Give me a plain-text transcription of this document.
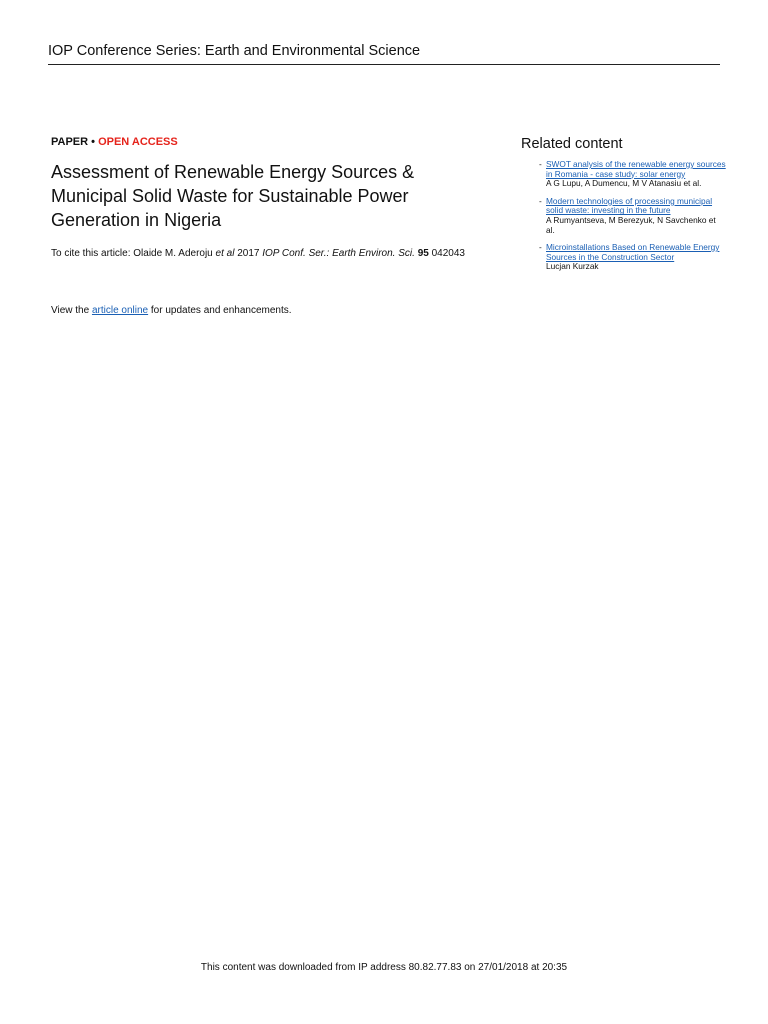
IOP Conference Series: Earth and Environmental Science
PAPER • OPEN ACCESS
Assessment of Renewable Energy Sources &
Municipal Solid Waste for Sustainable Power
Generation in Nigeria
To cite this article: Olaide M. Aderoju et al 2017 IOP Conf. Ser.: Earth Environ. Sci. 95 042043
View the article online for updates and enhancements.
Related content
- SWOT analysis of the renewable energy sources in Romania - case study: solar energy
A G Lupu, A Dumencu, M V Atanasiu et al.
- Modern technologies of processing municipal solid waste: investing in the future
A Rumyantseva, M Berezyuk, N Savchenko et al.
- Microinstallations Based on Renewable Energy Sources in the Construction Sector
Lucjan Kurzak
This content was downloaded from IP address 80.82.77.83 on 27/01/2018 at 20:35
